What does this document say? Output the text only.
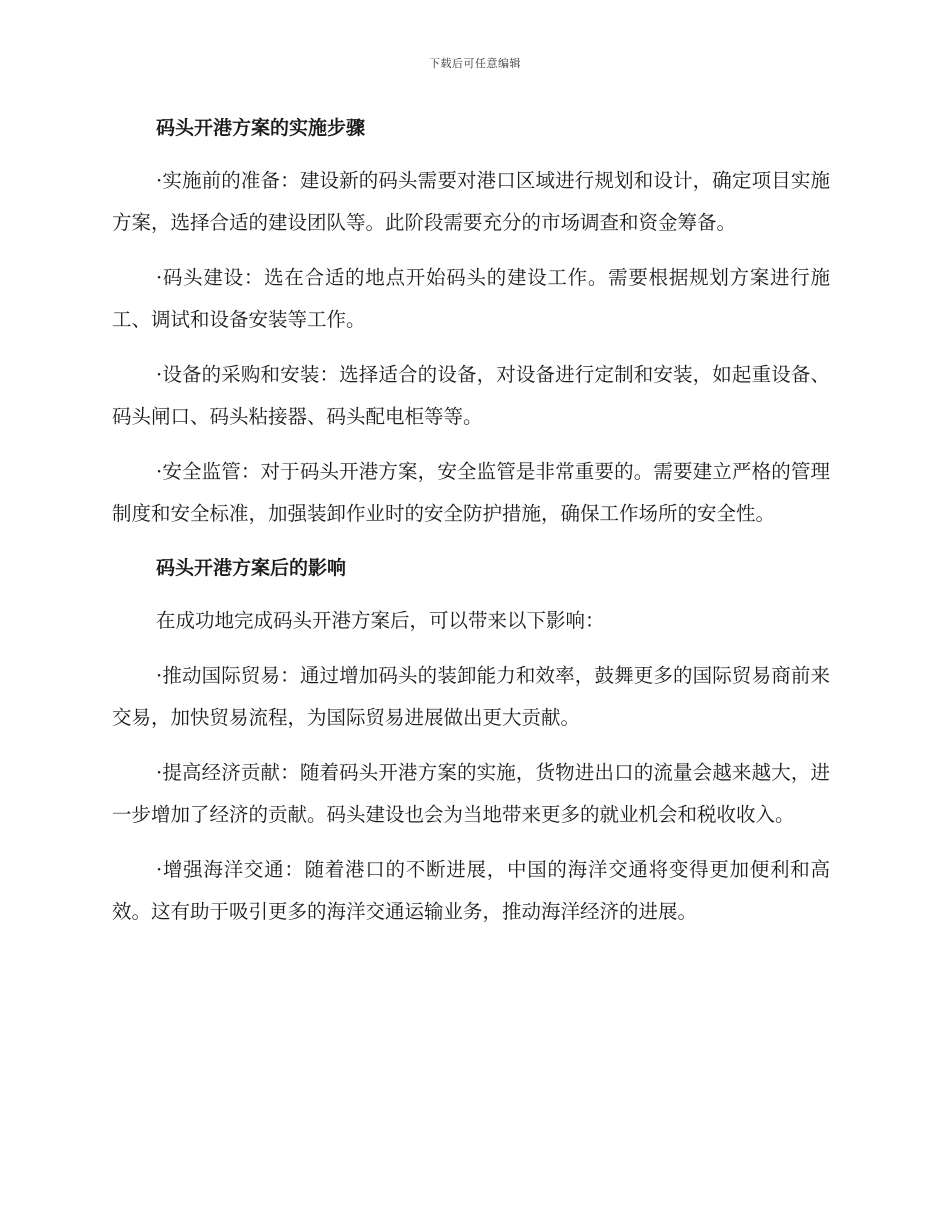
下载后可任意编辑
码头开港方案的实施步骤

·实施前的准备：建设新的码头需要对港口区域进行规划和设计，确定项目实施方案，选择合适的建设团队等。此阶段需要充分的市场调查和资金筹备。

·码头建设：选在合适的地点开始码头的建设工作。需要根据规划方案进行施工、调试和设备安装等工作。

·设备的采购和安装：选择适合的设备，对设备进行定制和安装，如起重设备、码头闸口、码头粘接器、码头配电柜等等。

·安全监管：对于码头开港方案，安全监管是非常重要的。需要建立严格的管理制度和安全标准，加强装卸作业时的安全防护措施，确保工作场所的安全性。

码头开港方案后的影响

在成功地完成码头开港方案后，可以带来以下影响：

·推动国际贸易：通过增加码头的装卸能力和效率，鼓舞更多的国际贸易商前来交易，加快贸易流程，为国际贸易进展做出更大贡献。

·提高经济贡献：随着码头开港方案的实施，货物进出口的流量会越来越大，进一步增加了经济的贡献。码头建设也会为当地带来更多的就业机会和税收收入。

·增强海洋交通：随着港口的不断进展，中国的海洋交通将变得更加便利和高效。这有助于吸引更多的海洋交通运输业务，推动海洋经济的进展。
